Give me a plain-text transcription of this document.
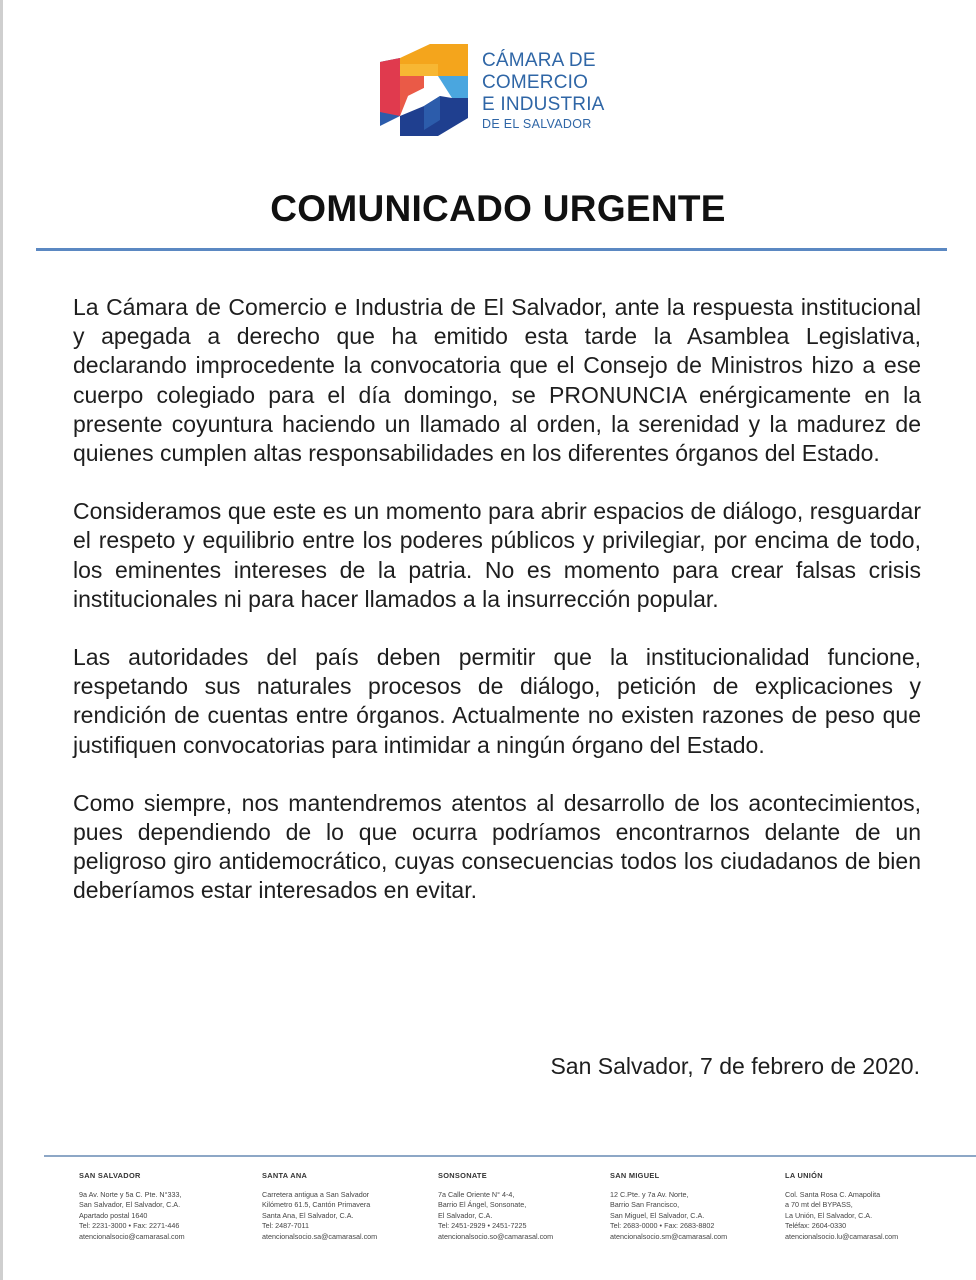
CÁMARA DE
COMERCIO
E INDUSTRIA
DE EL SALVADOR
COMUNICADO URGENTE

La Cámara de Comercio e Industria de El Salvador, ante la respuesta institucional y apegada a derecho que ha emitido esta tarde la Asamblea Legislativa, declarando improcedente la convocatoria que el Consejo de Ministros hizo a ese cuerpo colegiado para el día domingo, se PRONUNCIA enérgicamente en la presente coyuntura haciendo un llamado al orden, la serenidad y la madurez de quienes cumplen altas responsabilidades en los diferentes órganos del Estado.

Consideramos que este es un momento para abrir espacios de diálogo, resguardar el respeto y equilibrio entre los poderes públicos y privilegiar, por encima de todo, los eminentes intereses de la patria. No es momento para crear falsas crisis institucionales ni para hacer llamados a la insurrección popular.

Las autoridades del país deben permitir que la institucionalidad funcione, respetando sus naturales procesos de diálogo, petición de explicaciones y rendición de cuentas entre órganos. Actualmente no existen razones de peso que justifiquen convocatorias para intimidar a ningún órgano del Estado.

Como siempre, nos mantendremos atentos al desarrollo de los acontecimientos, pues dependiendo de lo que ocurra podríamos encontrarnos delante de un peligroso giro antidemocrático, cuyas consecuencias todos los ciudadanos de bien deberíamos estar interesados en evitar.

San Salvador, 7 de febrero de 2020.
SAN SALVADOR
9a Av. Norte y 5a C. Pte. N°333,
San Salvador, El Salvador, C.A.
Apartado postal 1640
Tel: 2231-3000 • Fax: 2271-446
atencionalsocio@camarasal.com
SANTA ANA
Carretera antigua a San Salvador
Kilómetro 61.5, Cantón Primavera
Santa Ana, El Salvador, C.A.
Tel: 2487-7011
atencionalsocio.sa@camarasal.com
SONSONATE
7a Calle Oriente N° 4-4,
Barrio El Ángel, Sonsonate,
El Salvador, C.A.
Tel: 2451-2929 • 2451-7225
atencionalsocio.so@camarasal.com
SAN MIGUEL
12 C.Pte. y 7a Av. Norte,
Barrio San Francisco,
San Miguel, El Salvador, C.A.
Tel: 2683-0000 • Fax: 2683-8802
atencionalsocio.sm@camarasal.com
LA UNIÓN
Col. Santa Rosa C. Amapolita
a 70 mt del BYPASS,
La Unión, El Salvador, C.A.
Teléfax: 2604-0330
atencionalsocio.lu@camarasal.com
